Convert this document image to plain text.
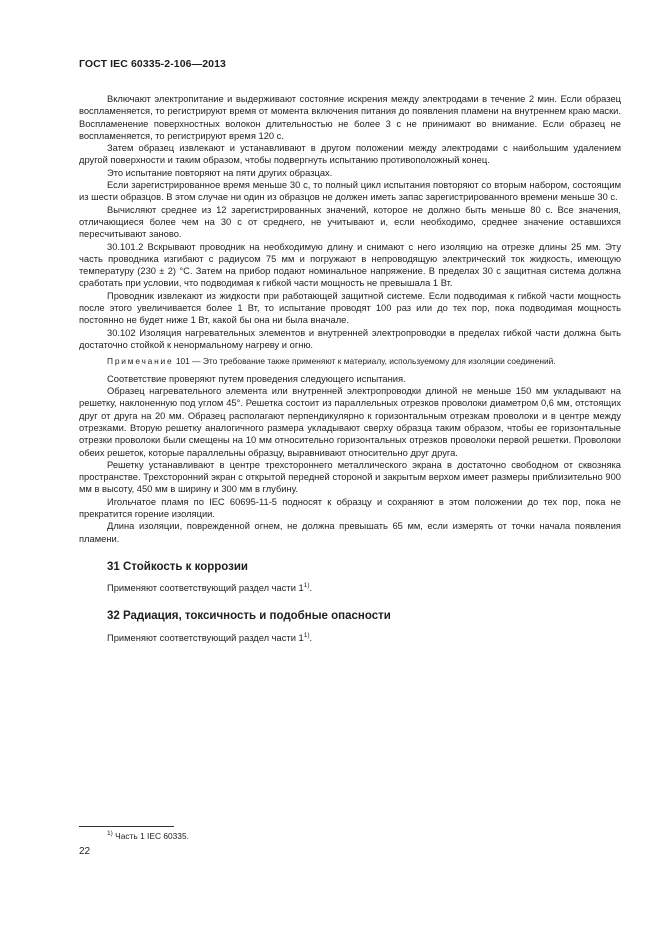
ГОСТ IEC 60335-2-106—2013

Включают электропитание и выдерживают состояние искрения между электродами в течение 2 мин. Если образец воспламеняется, то регистрируют время от момента включения питания до появления пламени на внутреннем краю маски. Воспламенение поверхностных волокон длительностью не более 3 с не принимают во внимание. Если образец не воспламеняется, то регистрируют время 120 с.

Затем образец извлекают и устанавливают в другом положении между электродами с наибольшим удалением другой поверхности и таким образом, чтобы подвергнуть испытанию противоположный конец.

Это испытание повторяют на пяти других образцах.

Если зарегистрированное время меньше 30 с, то полный цикл испытания повторяют со вторым набором, состоящим из шести образцов. В этом случае ни один из образцов не должен иметь запас зарегистрированного времени меньше 30 с.

Вычисляют среднее из 12 зарегистрированных значений, которое не должно быть меньше 80 с. Все значения, отличающиеся более чем на 30 с от среднего, не учитывают и, если необходимо, среднее значение оставшихся пересчитывают заново.

30.101.2 Вскрывают проводник на необходимую длину и снимают с него изоляцию на отрезке длины 25 мм. Эту часть проводника изгибают с радиусом 75 мм и погружают в непроводящую электрический ток жидкость, имеющую температуру (230 ± 2) °С. Затем на прибор подают номинальное напряжение. В пределах 30 с защитная система должна сработать при условии, что подводимая к гибкой части мощность не превышала 1 Вт.

Проводник извлекают из жидкости при работающей защитной системе. Если подводимая к гибкой части мощность после этого увеличивается более 1 Вт, то испытание проводят 100 раз или до тех пор, пока подводимая мощность постоянно не будет ниже 1 Вт, какой бы она ни была вначале.

30.102 Изоляция нагревательных элементов и внутренней электропроводки в пределах гибкой части должна быть достаточно стойкой к ненормальному нагреву и огню.

Примечание 101 — Это требование также применяют к материалу, используемому для изоляции соединений.

Соответствие проверяют путем проведения следующего испытания.

Образец нагревательного элемента или внутренней электропроводки длиной не меньше 150 мм укладывают на решетку, наклоненную под углом 45°. Решетка состоит из параллельных отрезков проволоки диаметром 0,6 мм, отстоящих друг от друга на 20 мм. Образец располагают перпендикулярно к горизонтальным отрезкам проволоки и в центре между отрезками. Вторую решетку аналогичного размера укладывают сверху образца таким образом, чтобы ее горизонтальные отрезки проволоки были смещены на 10 мм относительно горизонтальных отрезков проволоки первой решетки. Проволоки обеих решеток, которые параллельны образцу, выравнивают относительно друг друга.

Решетку устанавливают в центре трехстороннего металлического экрана в достаточно свободном от сквозняка пространстве. Трехсторонний экран с открытой передней стороной и закрытым верхом имеет размеры приблизительно 900 мм в высоту, 450 мм в ширину и 300 мм в глубину.

Игольчатое пламя по IEC 60695-11-5 подносят к образцу и сохраняют в этом положении до тех пор, пока не прекратится горение изоляции.

Длина изоляции, поврежденной огнем, не должна превышать 65 мм, если измерять от точки начала появления пламени.

31 Стойкость к коррозии

Применяют соответствующий раздел части 1$^{1)}$.

32 Радиация, токсичность и подобные опасности

Применяют соответствующий раздел части 1$^{1)}$.

$^{1)}$ Часть 1 IEC 60335.
22
